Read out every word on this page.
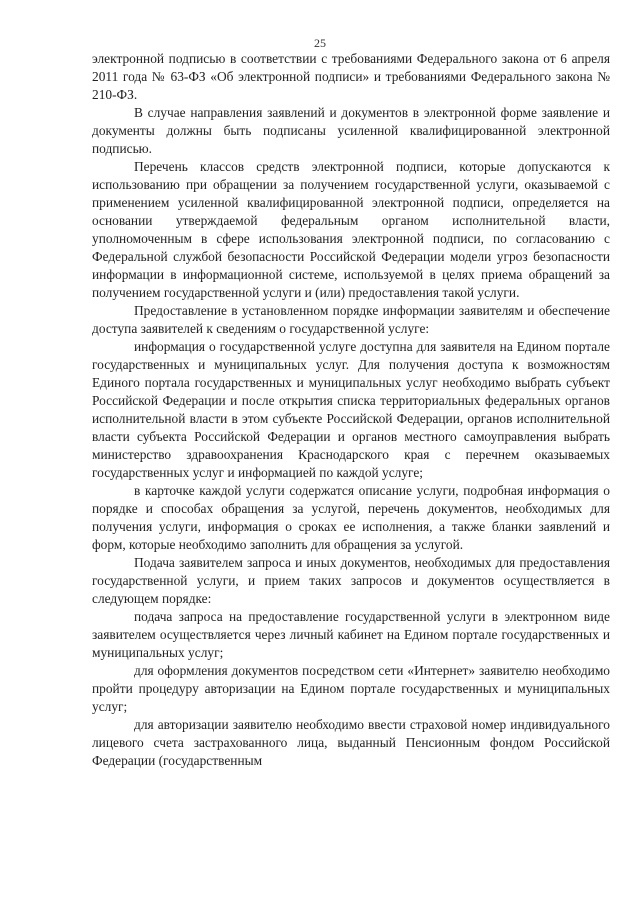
25

электронной подписью в соответствии с требованиями Федерального закона от 6 апреля 2011 года № 63-ФЗ «Об электронной подписи» и требованиями Федерального закона № 210-ФЗ.

В случае направления заявлений и документов в электронной форме заявление и документы должны быть подписаны усиленной квалифицированной электронной подписью.

Перечень классов средств электронной подписи, которые допускаются к использованию при обращении за получением государственной услуги, оказываемой с применением усиленной квалифицированной электронной подписи, определяется на основании утверждаемой федеральным органом исполнительной власти, уполномоченным в сфере использования электронной подписи, по согласованию с Федеральной службой безопасности Российской Федерации модели угроз безопасности информации в информационной системе, используемой в целях приема обращений за получением государственной услуги и (или) предоставления такой услуги.

Предоставление в установленном порядке информации заявителям и обеспечение доступа заявителей к сведениям о государственной услуге:

информация о государственной услуге доступна для заявителя на Едином портале государственных и муниципальных услуг. Для получения доступа к возможностям Единого портала государственных и муниципальных услуг необходимо выбрать субъект Российской Федерации и после открытия списка территориальных федеральных органов исполнительной власти в этом субъекте Российской Федерации, органов исполнительной власти субъекта Российской Федерации и органов местного самоуправления выбрать министерство здравоохранения Краснодарского края с перечнем оказываемых государственных услуг и информацией по каждой услуге;

в карточке каждой услуги содержатся описание услуги, подробная информация о порядке и способах обращения за услугой, перечень документов, необходимых для получения услуги, информация о сроках ее исполнения, а также бланки заявлений и форм, которые необходимо заполнить для обращения за услугой.

Подача заявителем запроса и иных документов, необходимых для предоставления государственной услуги, и прием таких запросов и документов осуществляется в следующем порядке:

подача запроса на предоставление государственной услуги в электронном виде заявителем осуществляется через личный кабинет на Едином портале государственных и муниципальных услуг;

для оформления документов посредством сети «Интернет» заявителю необходимо пройти процедуру авторизации на Едином портале государственных и муниципальных услуг;

для авторизации заявителю необходимо ввести страховой номер индивидуального лицевого счета застрахованного лица, выданный Пенсионным фондом Российской Федерации (государственным
